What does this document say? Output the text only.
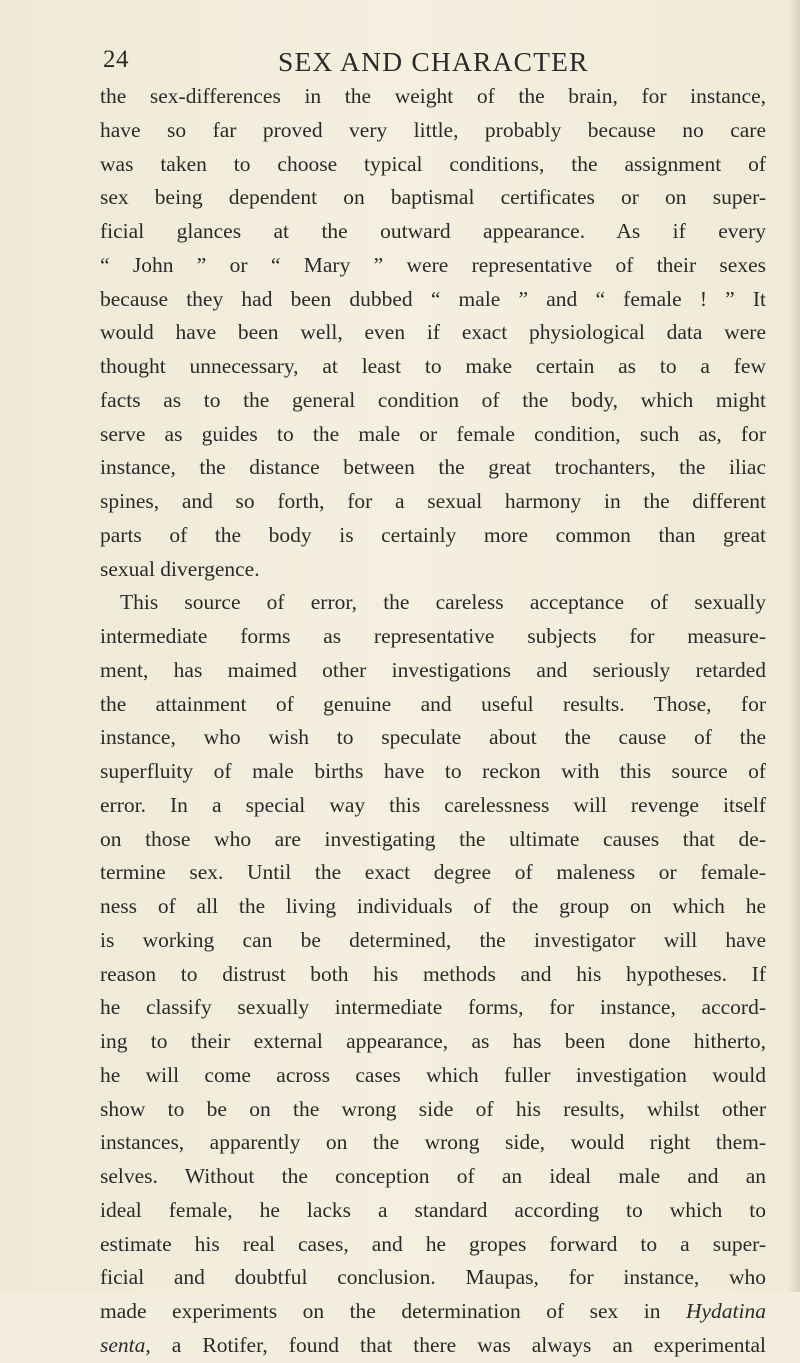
24	SEX AND CHARACTER
the sex-differences in the weight of the brain, for instance,
have so far proved very little, probably because no care
was taken to choose typical conditions, the assignment of
sex being dependent on baptismal certificates or on super-
ficial glances at the outward appearance. As if every
“ John ” or “ Mary ” were representative of their sexes
because they had been dubbed “ male ” and “ female ! ” It
would have been well, even if exact physiological data were
thought unnecessary, at least to make certain as to a few
facts as to the general condition of the body, which might
serve as guides to the male or female condition, such as, for
instance, the distance between the great trochanters, the iliac
spines, and so forth, for a sexual harmony in the different
parts of the body is certainly more common than great
sexual divergence.
This source of error, the careless acceptance of sexually
intermediate forms as representative subjects for measure-
ment, has maimed other investigations and seriously retarded
the attainment of genuine and useful results. Those, for
instance, who wish to speculate about the cause of the
superfluity of male births have to reckon with this source of
error. In a special way this carelessness will revenge itself
on those who are investigating the ultimate causes that de-
termine sex. Until the exact degree of maleness or female-
ness of all the living individuals of the group on which he
is working can be determined, the investigator will have
reason to distrust both his methods and his hypotheses. If
he classify sexually intermediate forms, for instance, accord-
ing to their external appearance, as has been done hitherto,
he will come across cases which fuller investigation would
show to be on the wrong side of his results, whilst other
instances, apparently on the wrong side, would right them-
selves. Without the conception of an ideal male and an
ideal female, he lacks a standard according to which to
estimate his real cases, and he gropes forward to a super-
ficial and doubtful conclusion. Maupas, for instance, who
made experiments on the determination of sex in Hydatina
senta, a Rotifer, found that there was always an experimental
